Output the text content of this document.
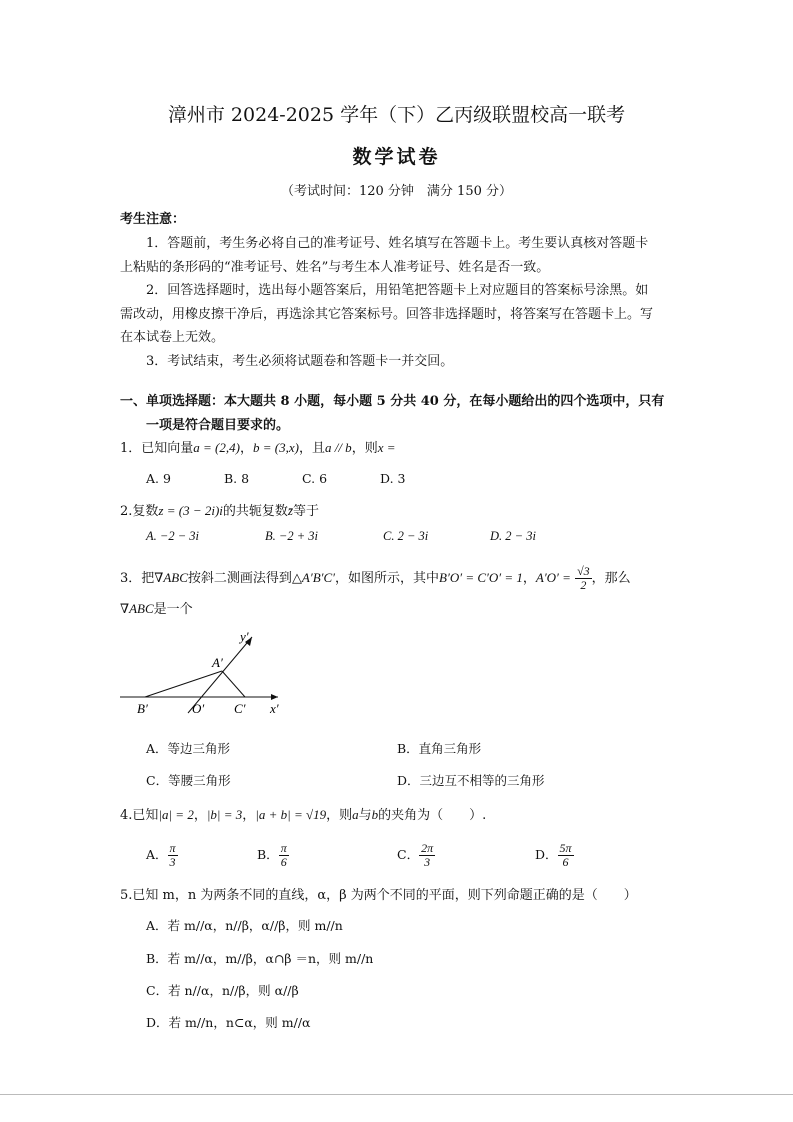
漳州市 2024-2025 学年（下）乙丙级联盟校高一联考
数学试卷
（考试时间：120 分钟　满分 150 分）
考生注意：
1．答题前，考生务必将自己的准考证号、姓名填写在答题卡上。考生要认真核对答题卡
上粘贴的条形码的“准考证号、姓名”与考生本人准考证号、姓名是否一致。
2．回答选择题时，选出每小题答案后，用铅笔把答题卡上对应题目的答案标号涂黑。如
需改动，用橡皮擦干净后，再选涂其它答案标号。回答非选择题时，将答案写在答题卡上。写
在本试卷上无效。
3．考试结束，考生必须将试题卷和答题卡一并交回。
一、单项选择题：本大题共 8 小题，每小题 5 分共 40 分，在每小题给出的四个选项中，只有
一项是符合题目要求的。
1．已知向量a = (2,4)，b = (3,x)，且a // b，则x =
A. 9	B. 8	C. 6	D. 3
2.复数z = (3 − 2i)i的共轭复数z̄等于
A. −2 − 3i	B. −2 + 3i	C. 2 − 3i	D. 2 − 3i
3．把∇ABC按斜二测画法得到△A′B′C′，如图所示，其中B′O′ = C′O′ = 1，$A'O' = \frac{√3}{2}$ ，那么
∇ABC是一个
y′
A′
B′	O′ C′ x′
A．等边三角形	B．直角三角形
C．等腰三角形	D．三边互不相等的三角形
4.已知|a| = 2，|b| = 3，|a + b| = √19，则a与b的夹角为（　　）.
A． $\frac{\pi}{3}$	B． $\frac{\pi}{6}$	C． $\frac{2\pi}{3}$	D． $\frac{5\pi}{6}$
5.已知 m，n 为两条不同的直线，α，β 为两个不同的平面，则下列命题正确的是（　　）
A．若 m//α，n//β，α//β，则 m//n
B．若 m//α，m//β，α∩β ＝n，则 m//n
C．若 n//α，n//β，则 α//β
D．若 m//n，n⊂α，则 m//α
